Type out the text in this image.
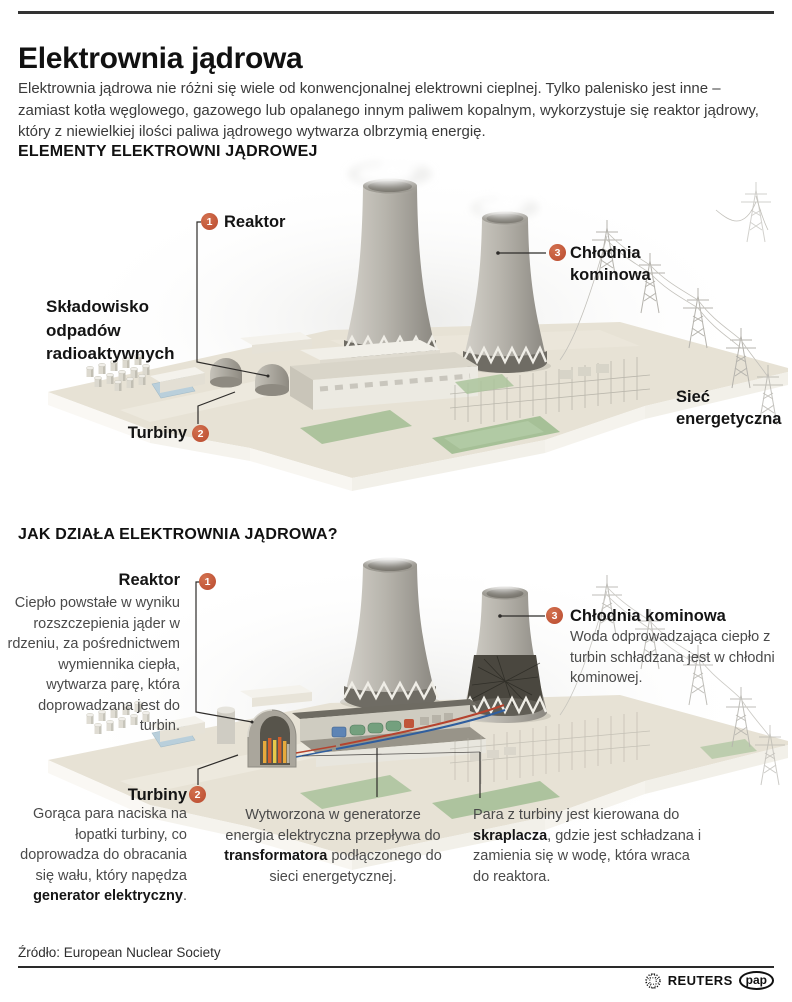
Elektrownia jądrowa

Elektrownia jądrowa nie różni się wiele od konwencjonalnej elektrowni cieplnej. Tylko palenisko jest inne – zamiast kotła węglowego, gazowego lub opalanego innym paliwem kopalnym, wykorzystuje się reaktor jądrowy, który z niewielkiej ilości paliwa jądrowego wytwarza olbrzymią energię.

ELEMENTY ELEKTROWNI JĄDROWEJ
1 Reaktor
Składowisko odpadów radioaktywnych
Turbiny	2
3 Chłodnia kominowa
Sieć energetyczna
JAK DZIAŁA ELEKTROWNIA JĄDROWA?
Reaktor	1
Ciepło powstałe w wyniku rozszczepienia jąder w rdzeniu, za pośrednictwem wymiennika ciepła, wytwarza parę, która doprowadzana jest do turbin.
3 Chłodnia kominowa
Woda odprowadzająca ciepło z turbin schładzana jest w chłodni kominowej.
Turbiny 2
Gorąca para naciska na łopatki turbiny, co doprowadza do obracania się wału, który napędza generator elektryczny.
Wytworzona w generatorze energia elektryczna przepływa do transformatora podłączonego do sieci energetycznej.
Para z turbiny jest kierowana do skraplacza, gdzie jest schładzana i zamienia się w wodę, która wraca do reaktora.
Źródło: European Nuclear Society
REUTERS	pap
